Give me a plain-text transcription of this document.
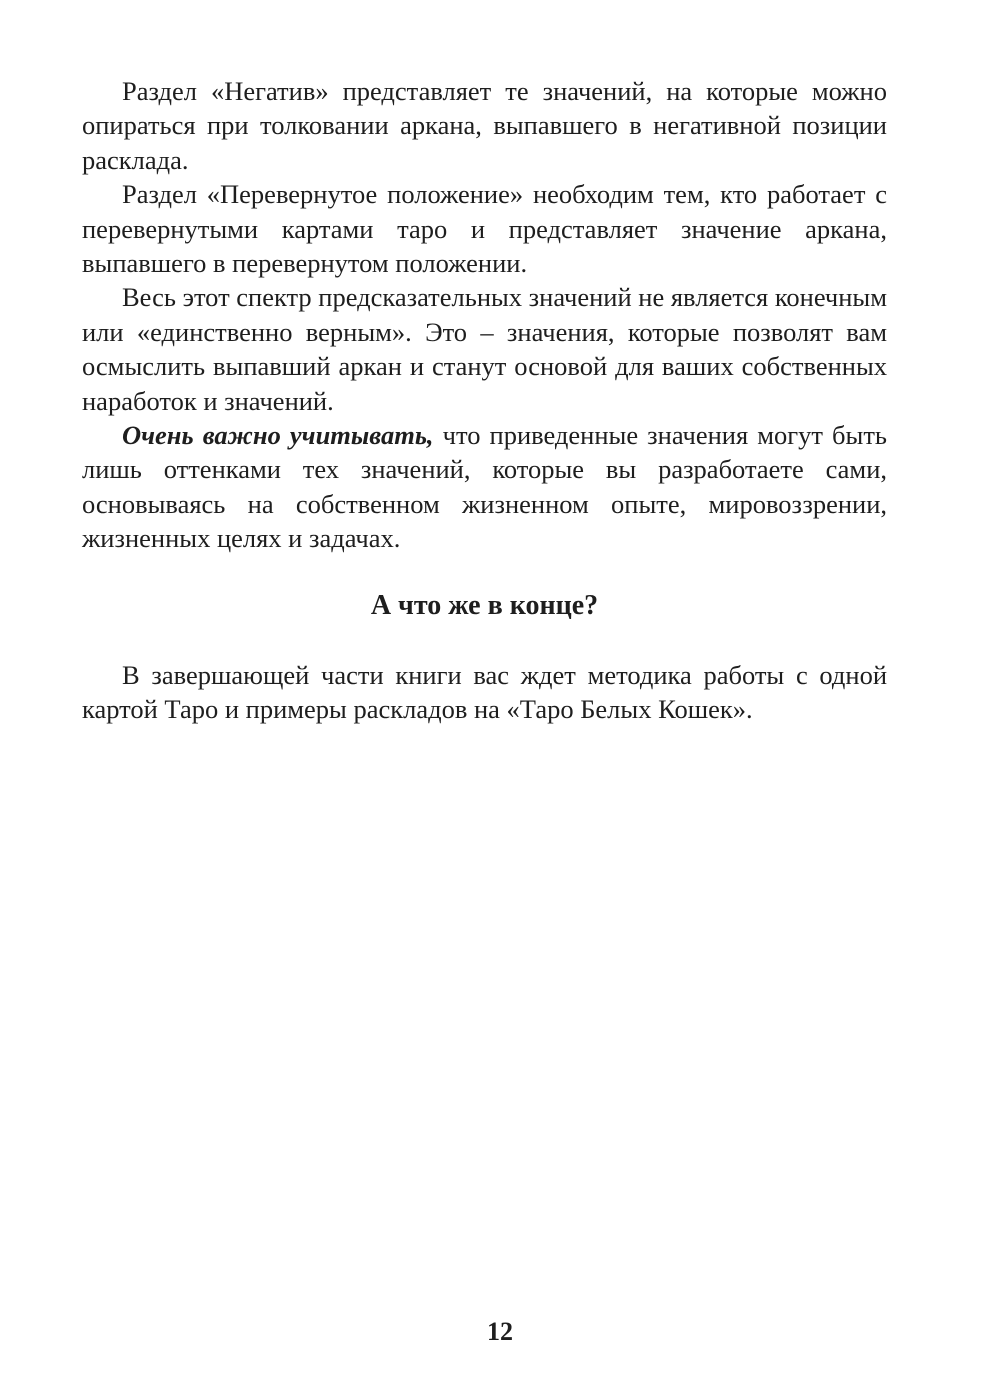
Раздел «Негатив» представляет те значений, на которые можно опираться при толковании аркана, выпавшего в негативной позиции расклада.

Раздел «Перевернутое положение» необходим тем, кто работает с перевернутыми картами таро и представляет значение аркана, выпавшего в перевернутом положении.

Весь этот спектр предсказательных значений не является конечным или «единственно верным». Это – значения, которые позволят вам осмыслить выпавший аркан и станут основой для ваших собственных наработок и значений.

Очень важно учитывать, что приведенные значения могут быть лишь оттенками тех значений, которые вы разработаете сами, основываясь на собственном жизненном опыте, мировоззрении, жизненных целях и задачах.

А что же в конце?

В завершающей части книги вас ждет методика работы с одной картой Таро и примеры раскладов на «Таро Белых Кошек».

12
